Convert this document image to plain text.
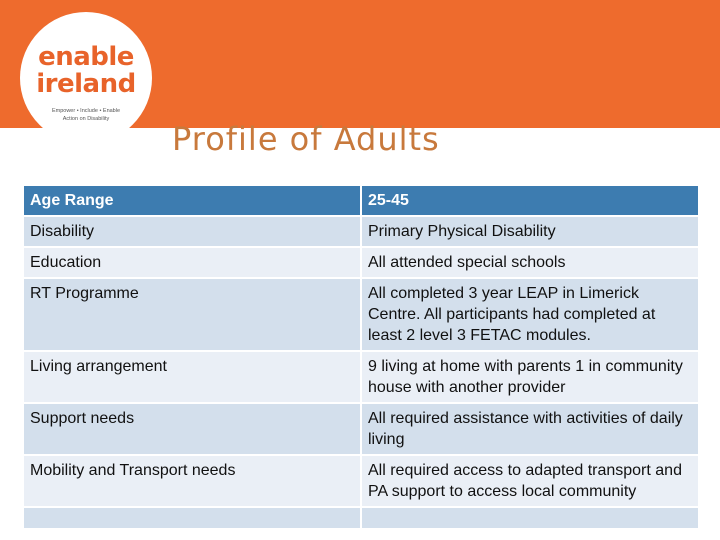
enable
ireland
Empower • Include • Enable
Action on Disability
Profile of Adults
Age Range	25-45
Disability	Primary Physical Disability
Education	All attended special schools
RT Programme	All completed 3 year LEAP in Limerick Centre. All participants had completed at least 2 level 3 FETAC modules.
Living arrangement	9 living at home with parents 1 in community house with another provider
Support needs	All required assistance with activities of daily living
Mobility and Transport needs	All required access to adapted transport and PA support to access local community
